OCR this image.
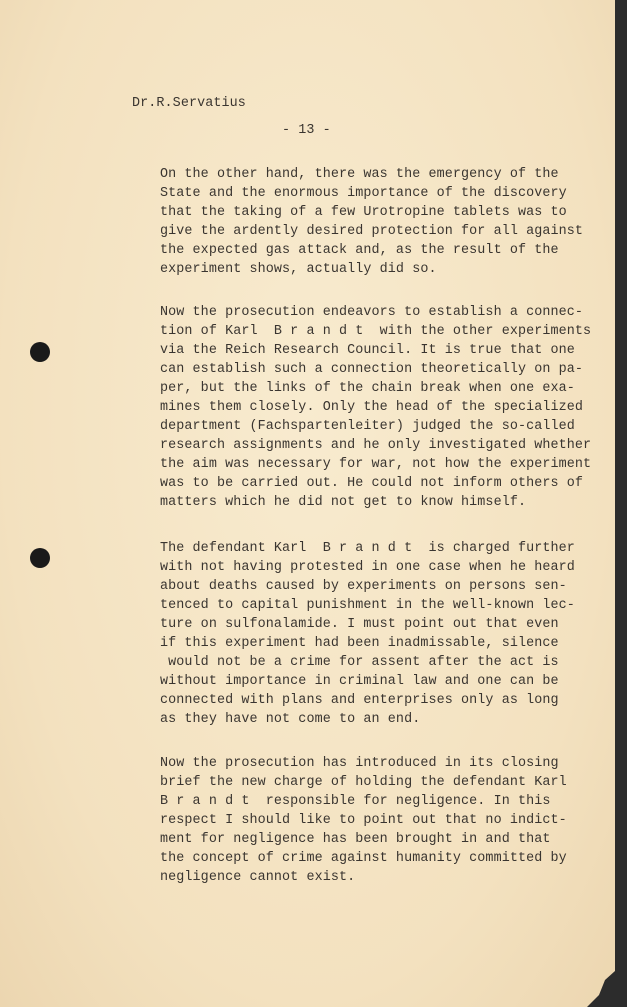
Dr.R.Servatius
- 13 -
On the other hand, there was the emergency of the
State and the enormous importance of the discovery
that the taking of a few Urotropine tablets was to
give the ardently desired protection for all against
the expected gas attack and, as the result of the
experiment shows, actually did so.
Now the prosecution endeavors to establish a connec-
tion of Karl  B r a n d t  with the other experiments
via the Reich Research Council. It is true that one
can establish such a connection theoretically on pa-
per, but the links of the chain break when one exa-
mines them closely. Only the head of the specialized
department (Fachspartenleiter) judged the so-called
research assignments and he only investigated whether
the aim was necessary for war, not how the experiment
was to be carried out. He could not inform others of
matters which he did not get to know himself.
The defendant Karl  B r a n d t  is charged further
with not having protested in one case when he heard
about deaths caused by experiments on persons sen-
tenced to capital punishment in the well-known lec-
ture on sulfonalamide. I must point out that even
if this experiment had been inadmissable, silence
would not be a crime for assent after the act is
without importance in criminal law and one can be
connected with plans and enterprises only as long
as they have not come to an end.
Now the prosecution has introduced in its closing
brief the new charge of holding the defendant Karl
B r a n d t  responsible for negligence. In this
respect I should like to point out that no indict-
ment for negligence has been brought in and that
the concept of crime against humanity committed by
negligence cannot exist.
